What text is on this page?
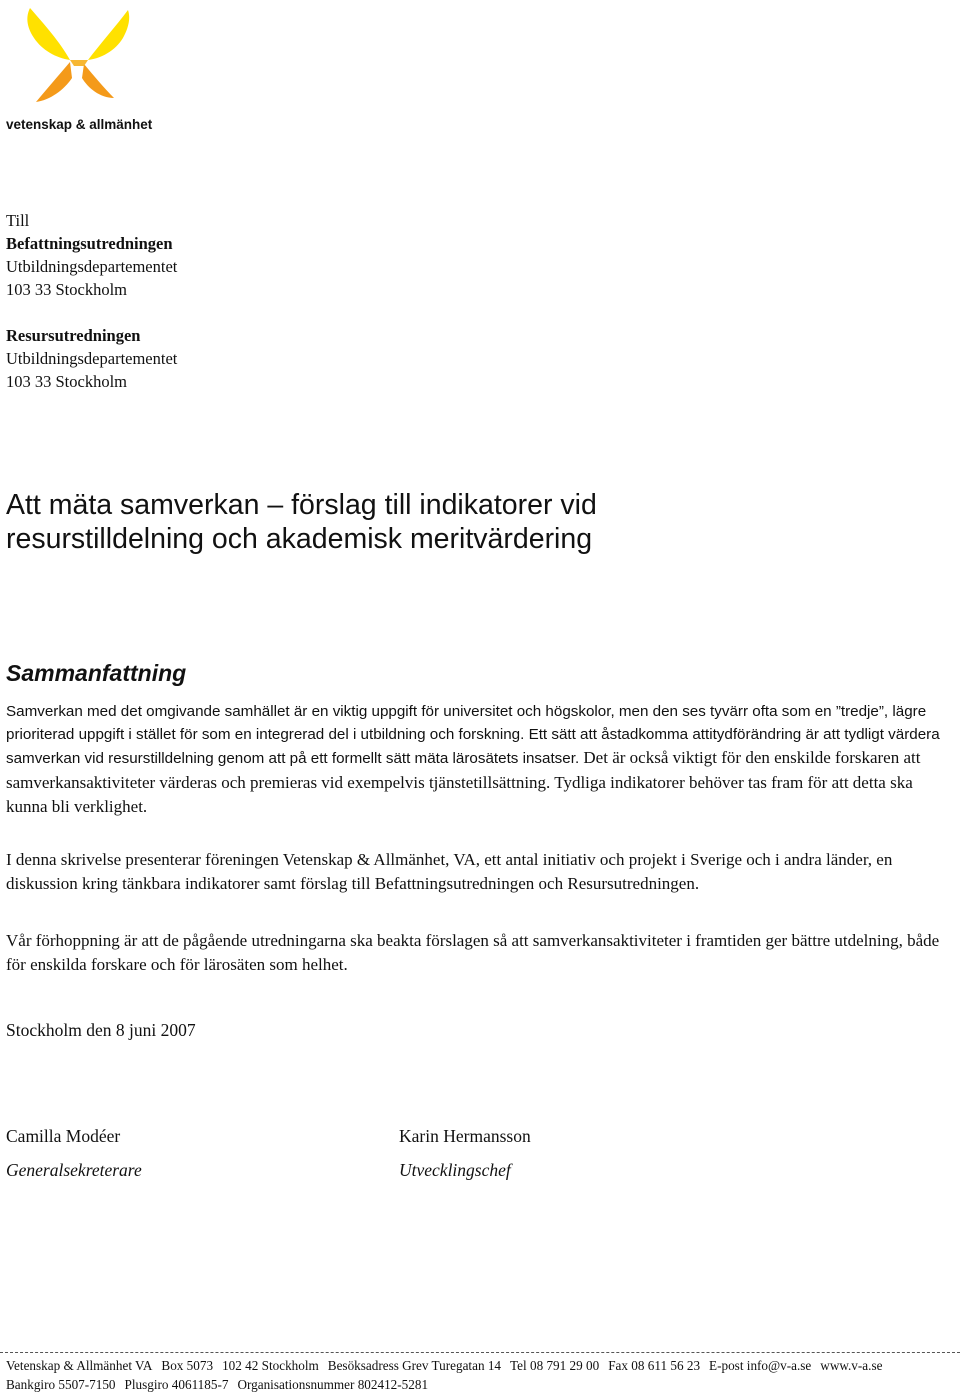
vetenskap & allmänhet
Till
Befattningsutredningen
Utbildningsdepartementet
103 33 Stockholm
Resursutredningen
Utbildningsdepartementet
103 33 Stockholm
Att mäta samverkan – förslag till indikatorer vid
resurstilldelning och akademisk meritvärdering
Sammanfattning

Samverkan med det omgivande samhället är en viktig uppgift för universitet och högskolor, men den ses tyvärr ofta som en ”tredje”, lägre prioriterad uppgift i stället för som en integrerad del i utbildning och forskning. Ett sätt att åstadkomma attitydförändring är att tydligt värdera samverkan vid resurstilldelning genom att på ett formellt sätt mäta lärosätets insatser. Det är också viktigt för den enskilde forskaren att samverkansaktiviteter värderas och premieras vid exempelvis tjänstetillsättning. Tydliga indikatorer behöver tas fram för att detta ska kunna bli verklighet.

I denna skrivelse presenterar föreningen Vetenskap & Allmänhet, VA, ett antal initiativ och projekt i Sverige och i andra länder, en diskussion kring tänkbara indikatorer samt förslag till Befattningsutredningen och Resursutredningen.

Vår förhoppning är att de pågående utredningarna ska beakta förslagen så att samverkansaktiviteter i framtiden ger bättre utdelning, både för enskilda forskare och för lärosäten som helhet.

Stockholm den 8 juni 2007

Camilla Modéer

Generalsekreterare

Karin Hermansson

Utvecklingschef

Vetenskap & Allmänhet VA Box 5073 102 42 Stockholm Besöksadress Grev Turegatan 14 Tel 08 791 29 00 Fax 08 611 56 23 E-post info@v-a.se www.v-a.se

Bankgiro 5507-7150 Plusgiro 4061185-7 Organisationsnummer 802412-5281
